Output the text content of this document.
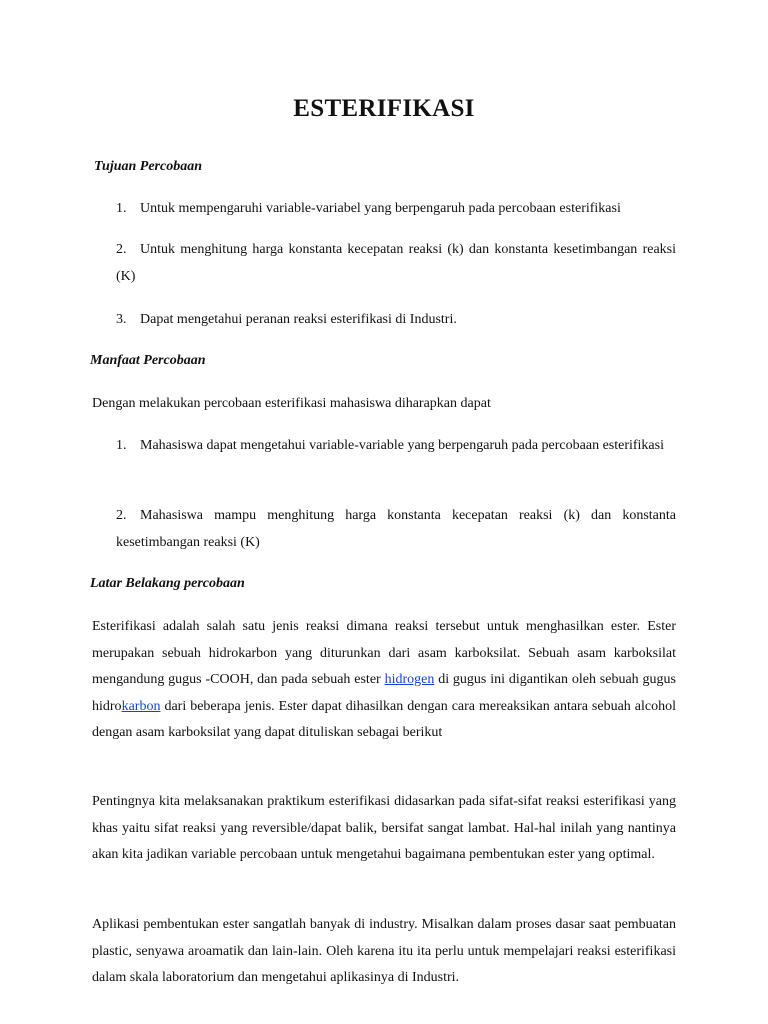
ESTERIFIKASI
Tujuan Percobaan
1. Untuk mempengaruhi variable-variabel yang berpengaruh pada percobaan esterifikasi
2. Untuk menghitung harga konstanta kecepatan reaksi (k) dan konstanta kesetimbangan reaksi (K)
3. Dapat mengetahui peranan reaksi esterifikasi di Industri.
Manfaat Percobaan
Dengan melakukan percobaan esterifikasi mahasiswa diharapkan dapat
1. Mahasiswa dapat mengetahui variable-variable yang berpengaruh pada percobaan esterifikasi
2. Mahasiswa mampu menghitung harga konstanta kecepatan reaksi (k) dan konstanta kesetimbangan reaksi (K)
Latar Belakang percobaan
Esterifikasi adalah salah satu jenis reaksi dimana reaksi tersebut untuk menghasilkan ester. Ester merupakan sebuah hidrokarbon yang diturunkan dari asam karboksilat. Sebuah asam karboksilat mengandung gugus -COOH, dan pada sebuah ester hidrogen di gugus ini digantikan oleh sebuah gugus hidrokarbon dari beberapa jenis. Ester dapat dihasilkan dengan cara mereaksikan antara sebuah alcohol dengan asam karboksilat yang dapat dituliskan sebagai berikut
Pentingnya kita melaksanakan praktikum esterifikasi didasarkan pada sifat-sifat reaksi esterifikasi yang khas yaitu sifat reaksi yang reversible/dapat balik, bersifat sangat lambat. Hal-hal inilah yang nantinya akan kita jadikan variable percobaan untuk mengetahui bagaimana pembentukan ester yang optimal.
Aplikasi pembentukan ester sangatlah banyak di industry. Misalkan dalam proses dasar saat pembuatan plastic, senyawa aroamatik dan lain-lain. Oleh karena itu ita perlu untuk mempelajari reaksi esterifikasi dalam skala laboratorium dan mengetahui aplikasinya di Industri.
